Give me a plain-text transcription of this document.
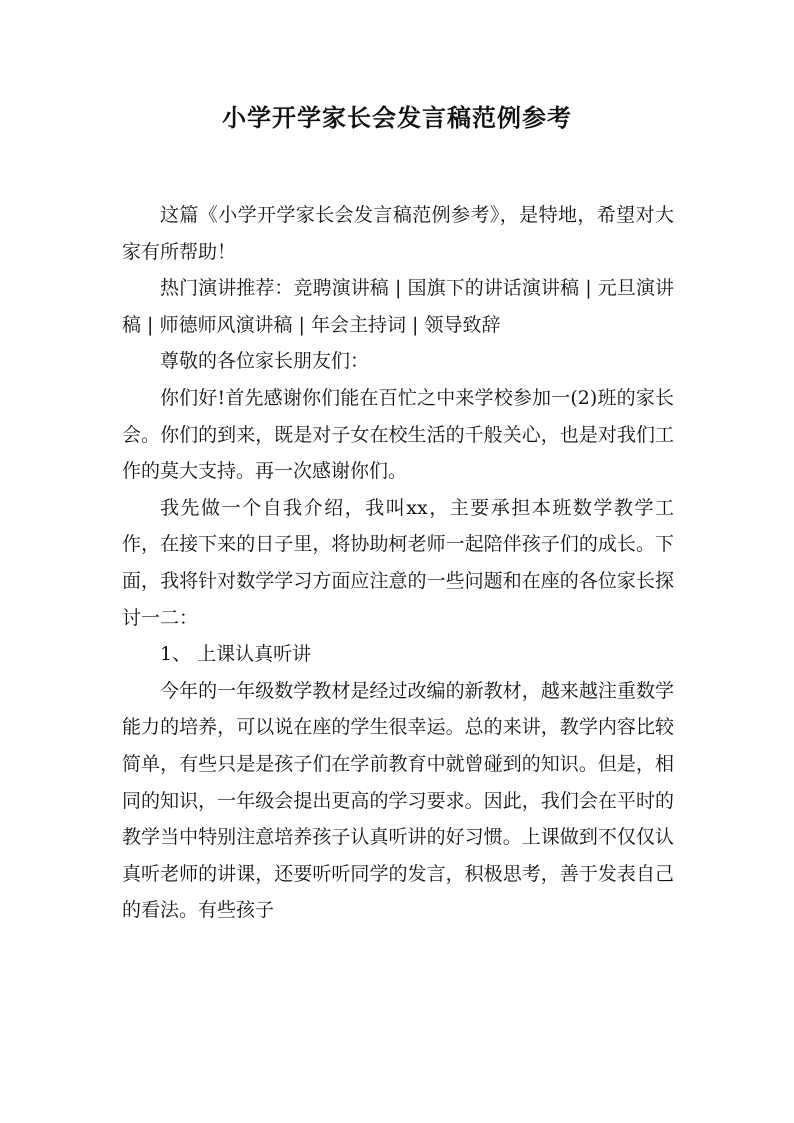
小学开学家长会发言稿范例参考

这篇《小学开学家长会发言稿范例参考》，是特地，希望对大家有所帮助！

热门演讲推荐：竞聘演讲稿 | 国旗下的讲话演讲稿 | 元旦演讲稿 | 师德师风演讲稿 | 年会主持词 | 领导致辞

尊敬的各位家长朋友们：

你们好!首先感谢你们能在百忙之中来学校参加一(2)班的家长会。你们的到来，既是对子女在校生活的千般关心，也是对我们工作的莫大支持。再一次感谢你们。

我先做一个自我介绍，我叫xx，主要承担本班数学教学工作，在接下来的日子里，将协助柯老师一起陪伴孩子们的成长。下面，我将针对数学学习方面应注意的一些问题和在座的各位家长探讨一二：

1、 上课认真听讲

今年的一年级数学教材是经过改编的新教材，越来越注重数学能力的培养，可以说在座的学生很幸运。总的来讲，教学内容比较简单，有些只是是孩子们在学前教育中就曾碰到的知识。但是，相同的知识，一年级会提出更高的学习要求。因此，我们会在平时的教学当中特别注意培养孩子认真听讲的好习惯。上课做到不仅仅认真听老师的讲课，还要听听同学的发言，积极思考，善于发表自己的看法。有些孩子
